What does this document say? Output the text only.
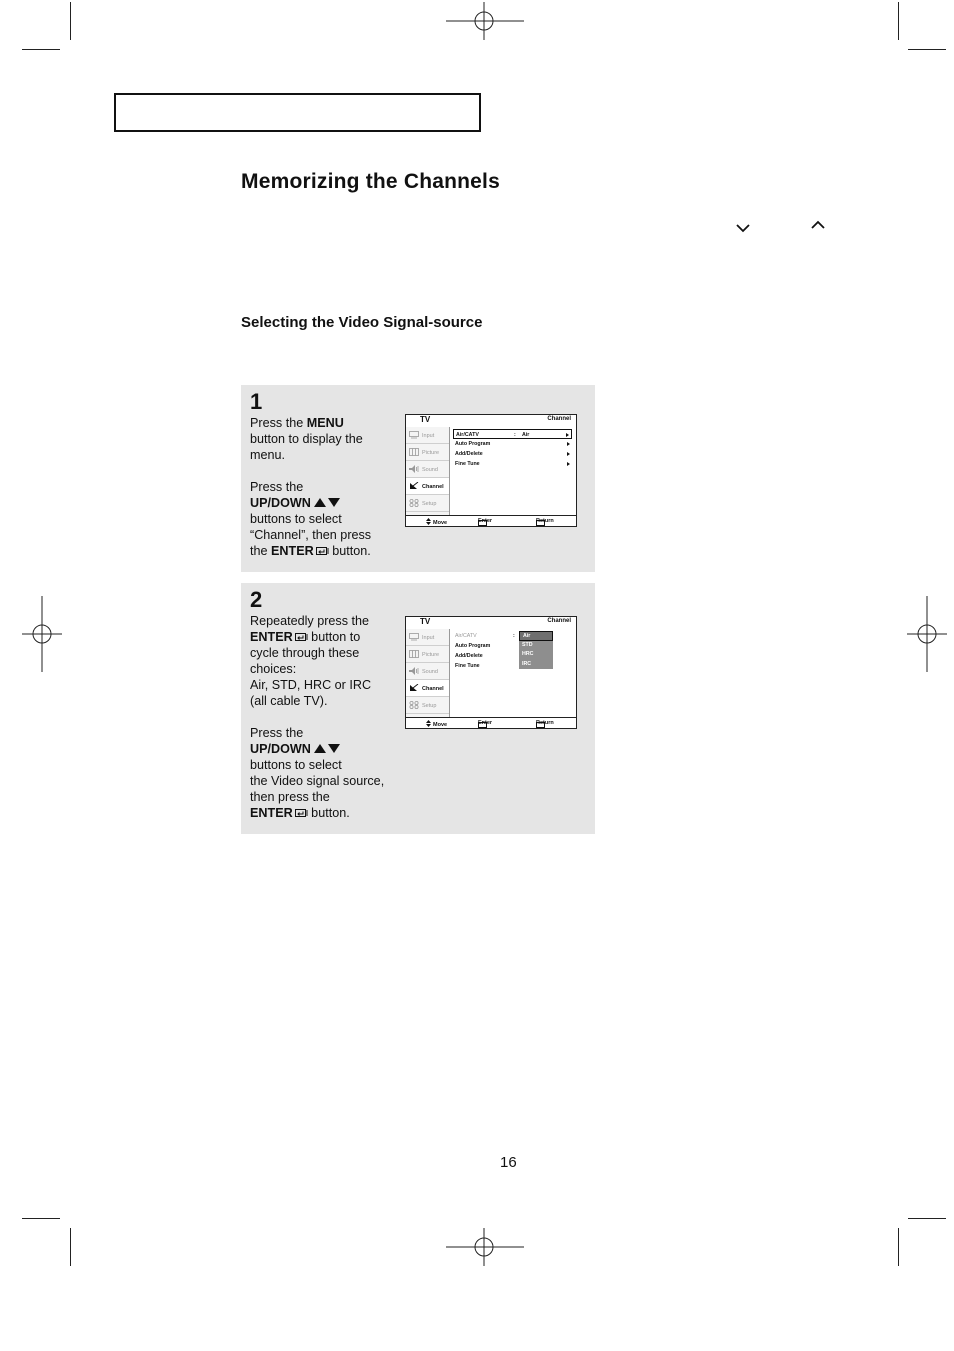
Memorizing the Channels
Selecting the Video Signal-source
1

Press the MENU

button to display the

menu.

Press the

UP/DOWN

buttons to select

“Channel”, then press

the ENTER button.

TV	Channel
Input
Picture
Sound
Channel
Setup
Air/CATV	: Air
Auto Program
Add/Delete
Fine Tune
Move	Enter	Return
2

Repeatedly press the

ENTER button to

cycle through these

choices:

Air, STD, HRC or IRC

(all cable TV).

Press the

UP/DOWN

buttons to select

the Video signal source,

then press the

ENTER button.

TV	Channel
Input
Picture
Sound
Channel
Setup
Air/CATV	:
Auto Program
Add/Delete
Fine Tune
Air
STD
HRC
IRC
Move	Enter	Return
16
